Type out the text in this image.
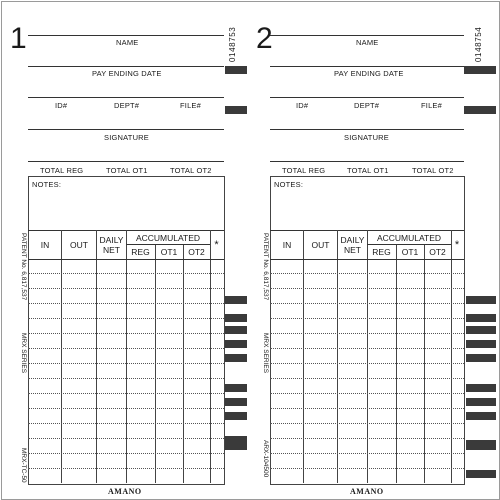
1	0148753
NAME
PAY ENDING DATE
ID#	DEPT#	FILE#
SIGNATURE
TOTAL REG	TOTAL OT1	TOTAL OT2
NOTES:
IN	OUT	DAILY
NET
ACCUMULATED
REG	OT1	OT2
*
PATENT No. 6,817,537
MRX SERIES
MRX-TC-50
AMANO
2	0148754
NAME
PAY ENDING DATE
ID#	DEPT#	FILE#
SIGNATURE
TOTAL REG	TOTAL OT1	TOTAL OT2
NOTES:
IN	OUT	DAILY
NET
ACCUMULATED
REG	OT1	OT2
*
PATENT No. 6,817,537
MRX SERIES
ARX-104500
AMANO
